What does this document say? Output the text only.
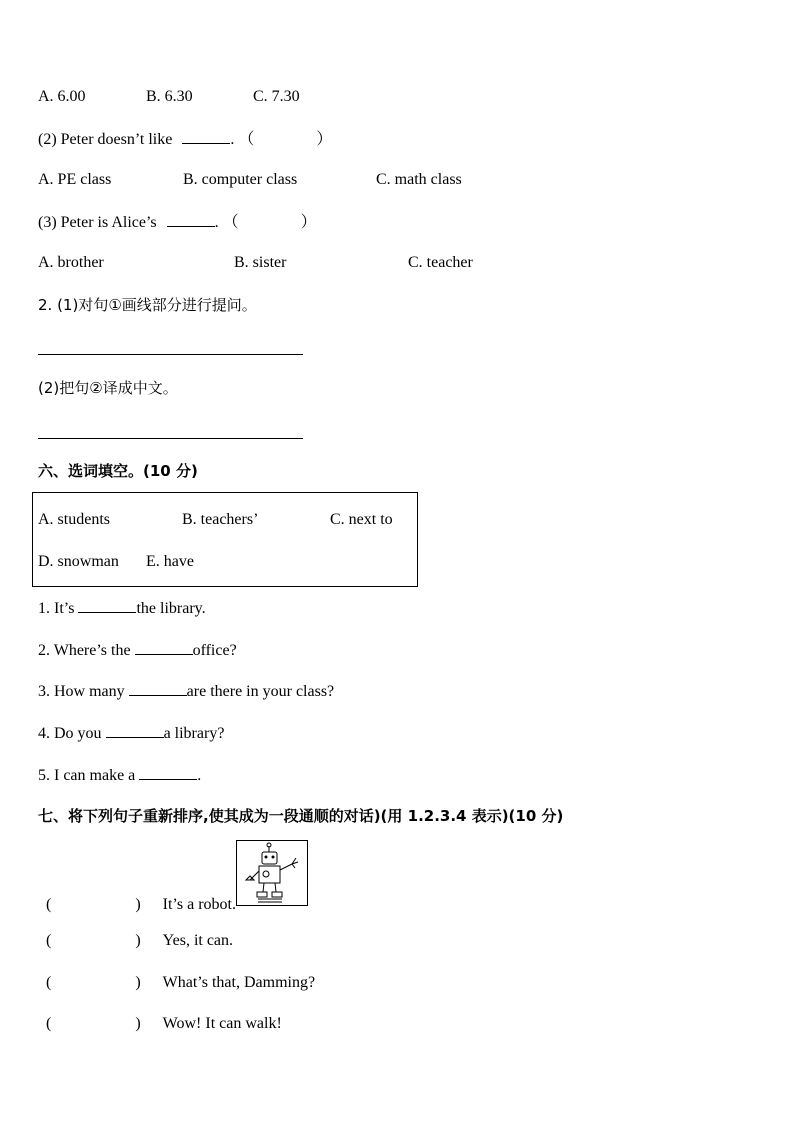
A. 6.00	B. 6.30	C. 7.30
(2) Peter doesn’t like	. （	）
A. PE class	B. computer class	C. math class
(3) Peter is Alice’s	. （	）
A. brother	B. sister	C. teacher
2. (1)对句①画线部分进行提问。
(2)把句②译成中文。
六、选词填空。(10 分)
A. students	B. teachers’	C. next to
D. snowman E. have
1. It’s	the library.
2. Where’s the	office?
3. How many	are there in your class?
4. Do you	a library?
5. I can make a	.
七、将下列句子重新排序,使其成为一段通顺的对话)(用 1.2.3.4 表示)(10 分)
(	) It’s a robot.
(	) Yes, it can.
(	) What’s that, Damming?
(	) Wow! It can walk!
